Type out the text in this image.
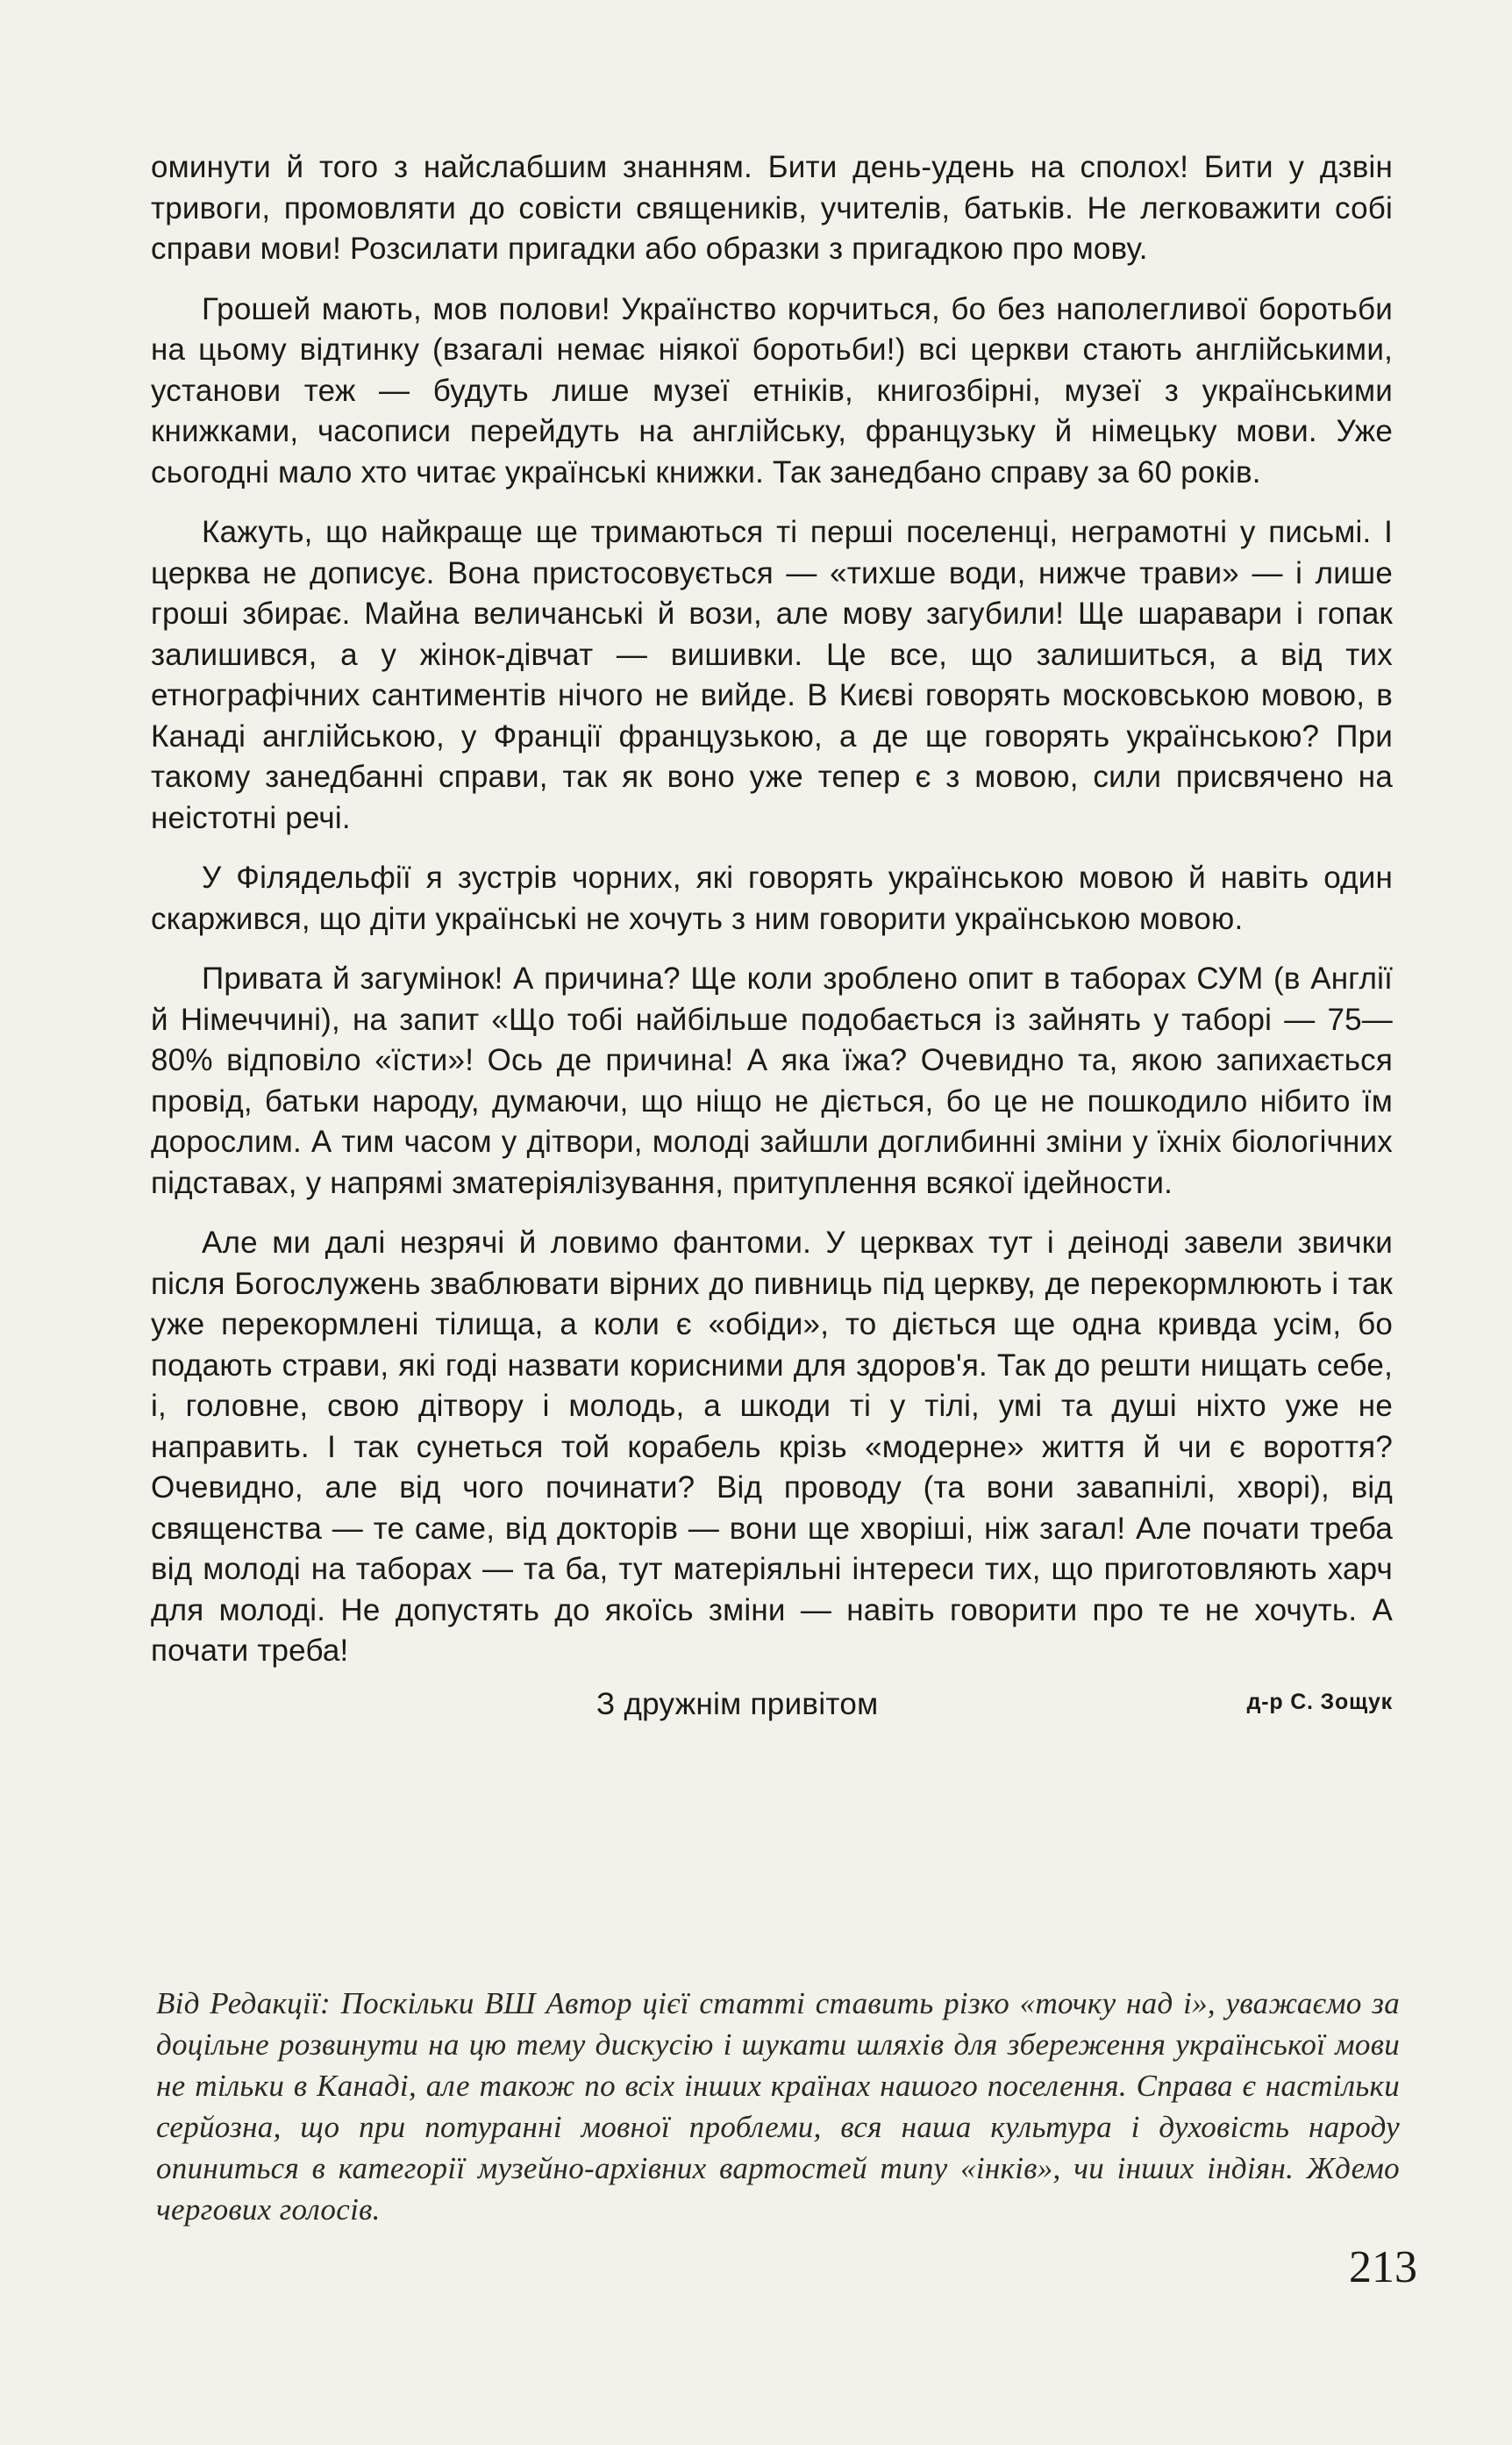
оминути й того з найслабшим знанням. Бити день-удень на сполох! Бити у дзвін тривоги, промовляти до совісти священиків, учителів, батьків. Не легковажити собі справи мови! Розсилати пригадки або образки з пригадкою про мову.

Грошей мають, мов полови! Українство корчиться, бо без наполегливої боротьби на цьому відтинку (взагалі немає ніякої боротьби!) всі церкви стають англійськими, установи теж — будуть лише музеї етніків, книгозбірні, музеї з українськими книжками, часописи перейдуть на англійську, французьку й німецьку мови. Уже сьогодні мало хто читає українські книжки. Так занедбано справу за 60 років.

Кажуть, що найкраще ще тримаються ті перші поселенці, неграмотні у письмі. І церква не дописує. Вона пристосовується — «тихше води, нижче трави» — і лише гроші збирає. Майна величанські й вози, але мову загубили! Ще шаравари і гопак залишився, а у жінок-дівчат — вишивки. Це все, що залишиться, а від тих етнографічних сантиментів нічого не вийде. В Києві говорять московською мовою, в Канаді англійською, у Франції французькою, а де ще говорять українською? При такому занедбанні справи, так як воно уже тепер є з мовою, сили присвячено на неістотні речі.

У Філядельфії я зустрів чорних, які говорять українською мовою й навіть один скаржився, що діти українські не хочуть з ним говорити українською мовою.

Привата й загумінок! А причина? Ще коли зроблено опит в таборах СУМ (в Англії й Німеччині), на запит «Що тобі найбільше подобається із зайнять у таборі — 75—80% відповіло «їсти»! Ось де причина! А яка їжа? Очевидно та, якою запихається провід, батьки народу, думаючи, що ніщо не діється, бо це не пошкодило нібито їм дорослим. А тим часом у дітвори, молоді зайшли доглибинні зміни у їхніх біологічних підставах, у напрямі зматеріялізування, притуплення всякої ідейности.

Але ми далі незрячі й ловимо фантоми. У церквах тут і деіноді завели звички після Богослужень зваблювати вірних до пивниць під церкву, де перекормлюють і так уже перекормлені тілища, а коли є «обіди», то діється ще одна кривда усім, бо подають страви, які годі назвати корисними для здоров'я. Так до решти нищать себе, і, головне, свою дітвору і молодь, а шкоди ті у тілі, умі та душі ніхто уже не направить. І так сунеться той корабель крізь «модерне» життя й чи є вороття? Очевидно, але від чого починати? Від проводу (та вони завапнілі, хворі), від священства — те саме, від докторів — вони ще хворіші, ніж загал! Але почати треба від молоді на таборах — та ба, тут матеріяльні інтереси тих, що приготовляють харч для молоді. Не допустять до якоїсь зміни — навіть говорити про те не хочуть. А почати треба!

З дружнім привітом	д-р С. Зощук

Від Редакції: Поскільки ВШ Автор цієї статті ставить різко «точку над і», уважаємо за доцільне розвинути на цю тему дискусію і шукати шляхів для збереження української мови не тільки в Канаді, але також по всіх інших країнах нашого поселення. Справа є настільки серйозна, що при потуранні мовної проблеми, вся наша культура і духовість народу опиниться в категорії музейно-архівних вартостей типу «інків», чи інших індіян. Ждемо чергових голосів.

213
